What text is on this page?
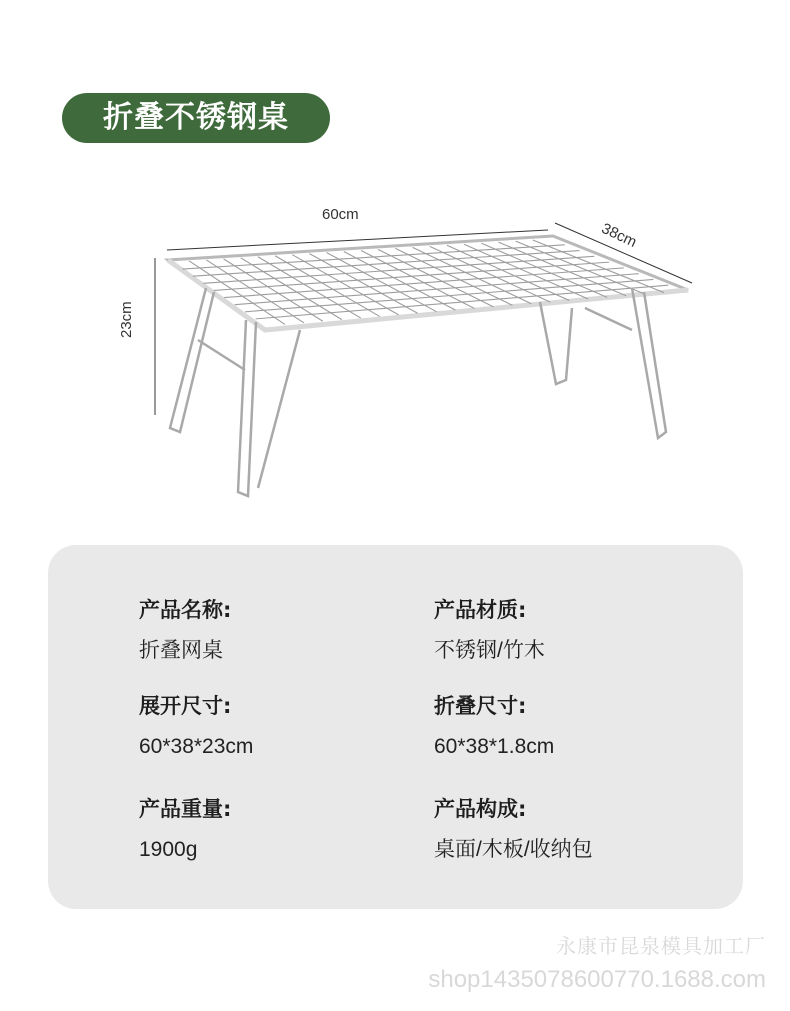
折叠不锈钢桌
60cm
38cm
23cm
产品名称:
折叠网桌
产品材质:
不锈钢/竹木
展开尺寸:
60*38*23cm
折叠尺寸:
60*38*1.8cm
产品重量:
1900g
产品构成:
桌面/木板/收纳包
永康市昆泉模具加工厂
shop1435078600770.1688.com
